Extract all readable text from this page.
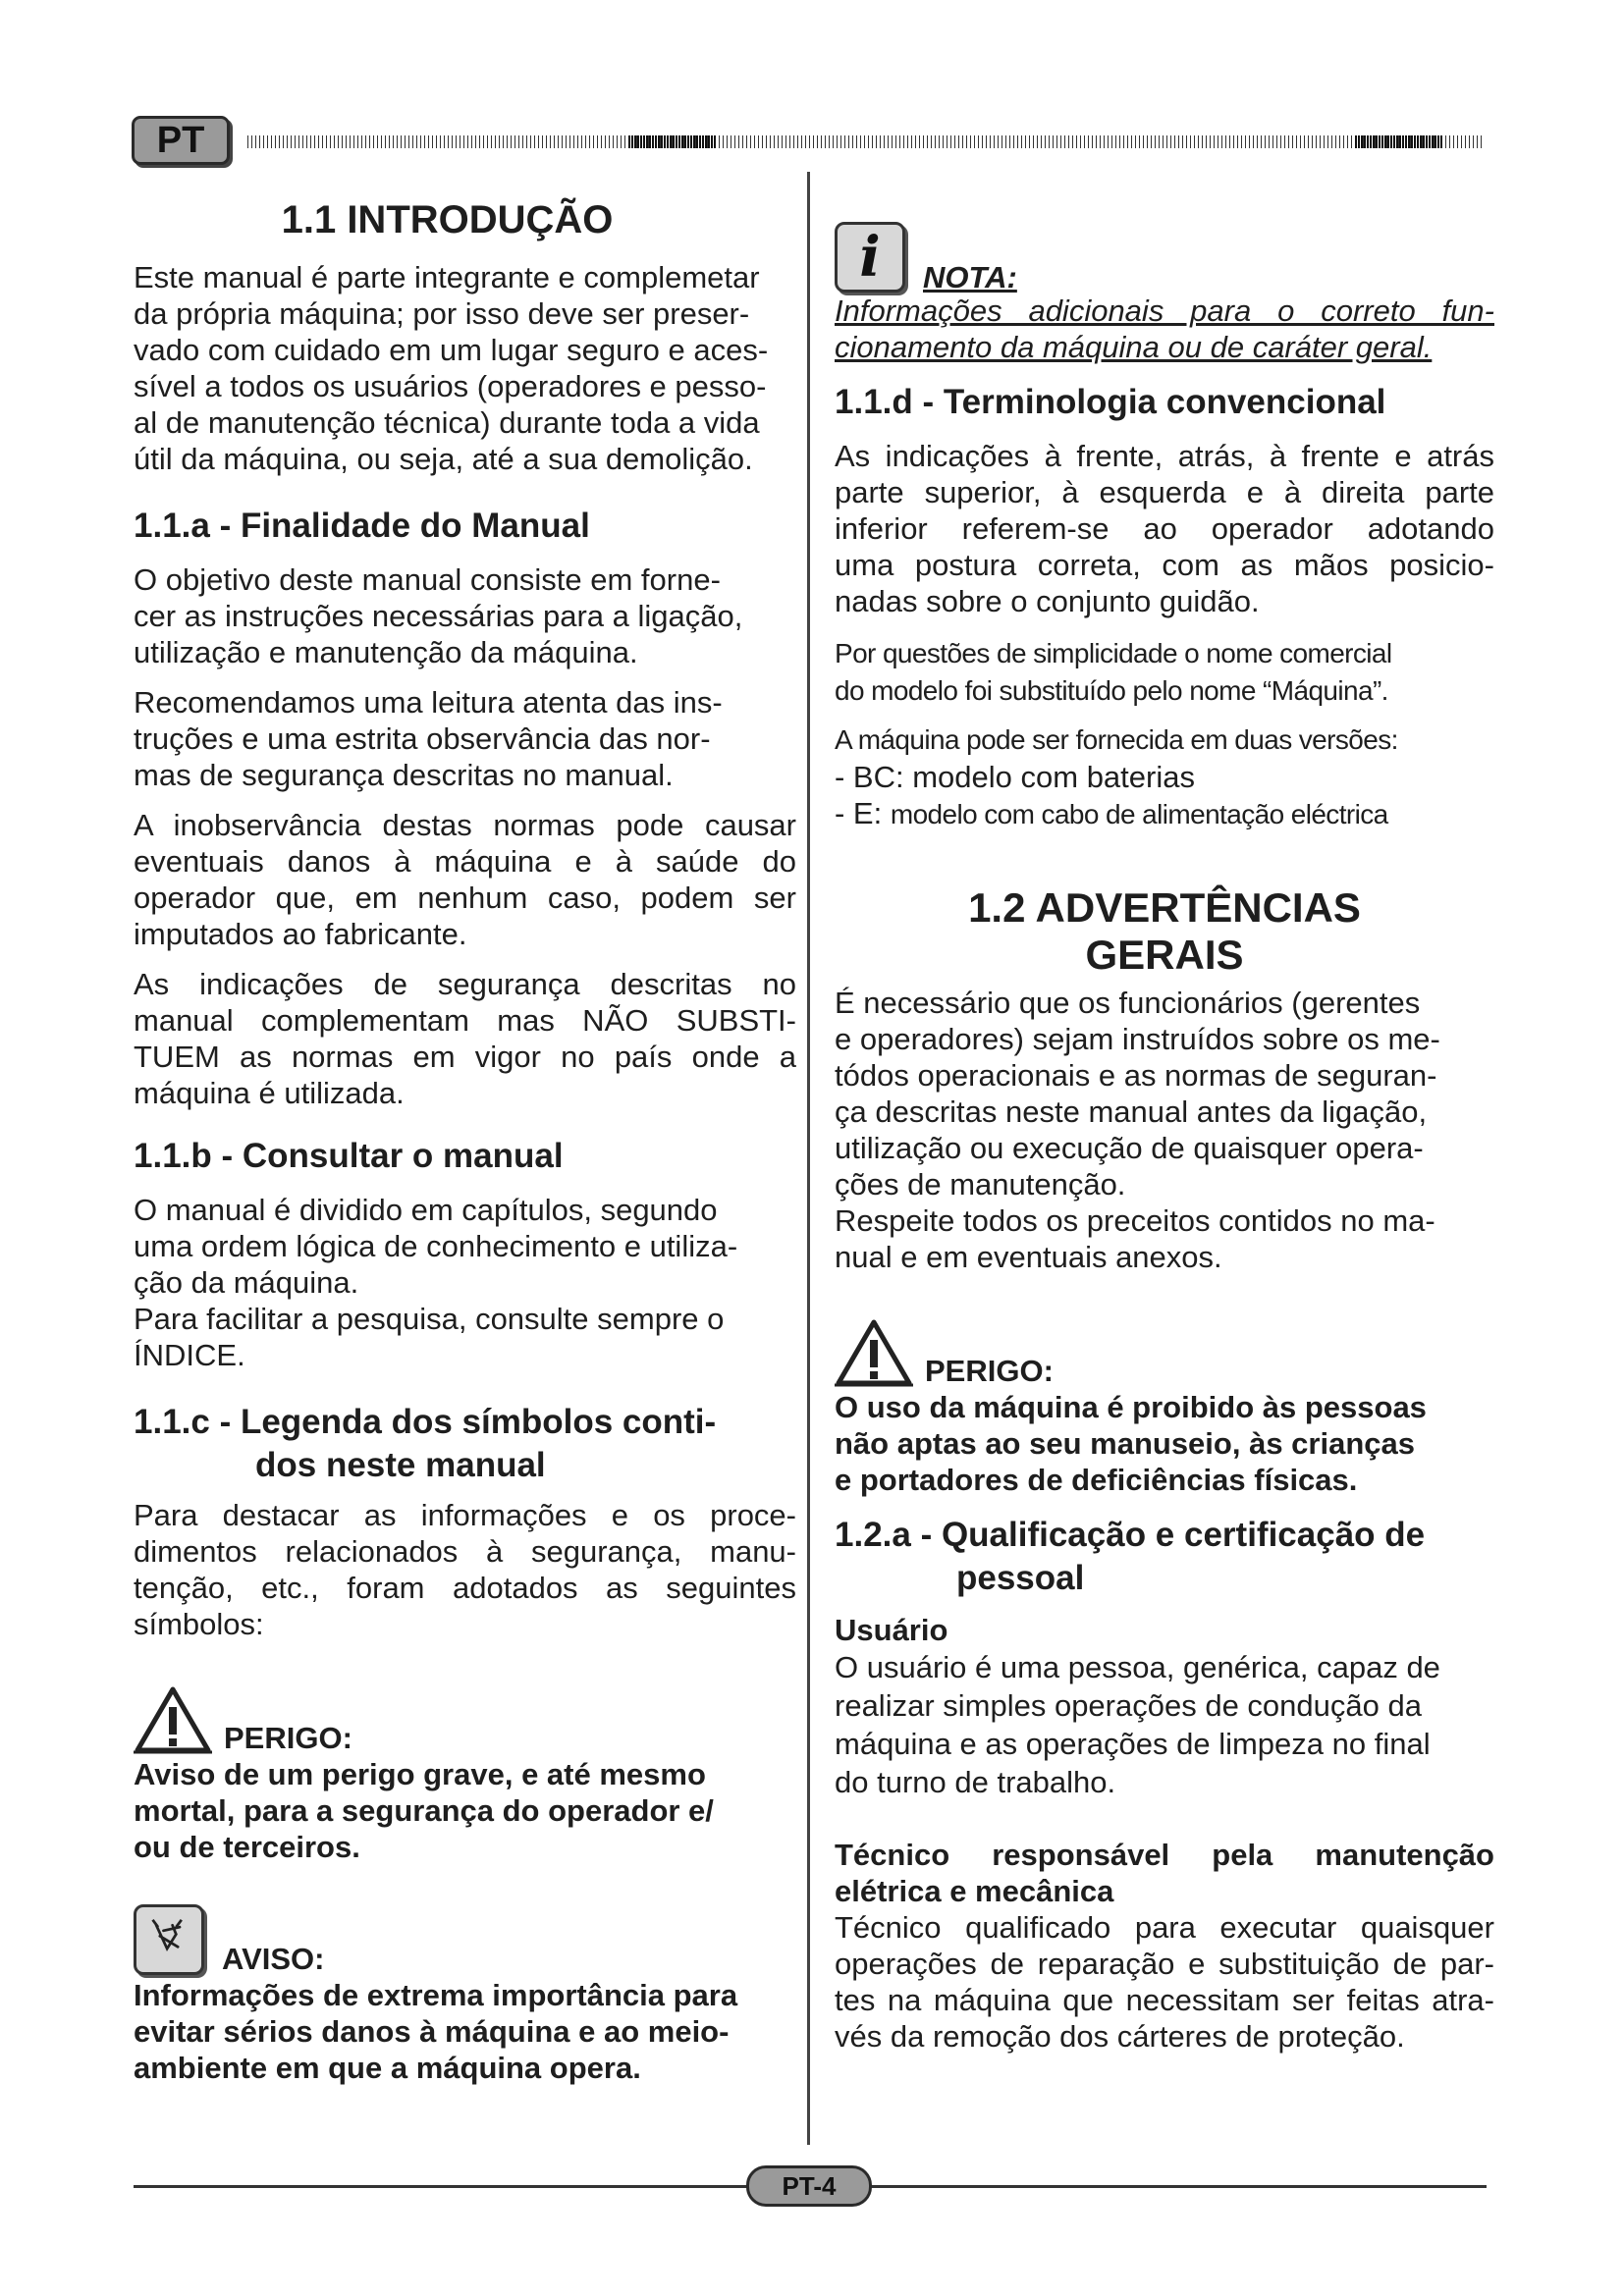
PT
1.1 INTRODUÇÃO
Este manual é parte integrante e complemetar
da própria máquina; por isso deve ser preser-
vado com cuidado em um lugar seguro e aces-
sível a todos os usuários (operadores e pesso-
al de manutenção técnica) durante toda a vida
útil da máquina, ou seja, até a sua demolição.
1.1.a - Finalidade do Manual
O objetivo deste manual consiste em forne-
cer as instruções necessárias para a ligação,
utilização e manutenção da máquina.
Recomendamos uma leitura atenta das ins-
truções e uma estrita observância das nor-
mas de segurança descritas no manual.
A inobservância destas normas pode causar
eventuais danos à máquina e à saúde do
operador que, em nenhum caso, podem ser
imputados ao fabricante.
As indicações de segurança descritas no
manual complementam mas NÃO SUBSTI-
TUEM as normas em vigor no país onde a
máquina é utilizada.
1.1.b - Consultar o manual
O manual é dividido em capítulos, segundo
uma ordem lógica de conhecimento e utiliza-
ção da máquina.
Para facilitar a pesquisa, consulte sempre o
ÍNDICE.
1.1.c - Legenda dos símbolos conti-
dos neste manual
Para destacar as informações e os proce-
dimentos relacionados à segurança, manu-
tenção, etc., foram adotados as seguintes
símbolos:
PERIGO:
Aviso de um perigo grave, e até mesmo
mortal, para a segurança do operador e/
ou de terceiros.
AVISO:
Informações de extrema importância para
evitar sérios danos à máquina e ao meio-
ambiente em que a máquina opera.
i	NOTA:
Informações adicionais para o correto fun-
cionamento da máquina ou de caráter geral.
1.1.d - Terminologia convencional
As indicações à frente, atrás, à frente e atrás
parte superior, à esquerda e à direita parte
inferior referem-se ao operador adotando
uma postura correta, com as mãos posicio-
nadas sobre o conjunto guidão.
Por questões de simplicidade o nome comercial
do modelo foi substituído pelo nome “Máquina”.
A máquina pode ser fornecida em duas versões:
- BC: modelo com baterias
- E: modelo com cabo de alimentação eléctrica
1.2 ADVERTÊNCIAS
GERAIS
É necessário que os funcionários (gerentes
e operadores) sejam instruídos sobre os me-
tódos operacionais e as normas de seguran-
ça descritas neste manual antes da ligação,
utilização ou execução de quaisquer opera-
ções de manutenção.
Respeite todos os preceitos contidos no ma-
nual e em eventuais anexos.
PERIGO:
O uso da máquina é proibido às pessoas
não aptas ao seu manuseio, às crianças
e portadores de deficiências físicas.
1.2.a - Qualificação e certificação de
pessoal
Usuário
O usuário é uma pessoa, genérica, capaz de
realizar simples operações de condução da
máquina e as operações de limpeza no final
do turno de trabalho.
Técnico responsável pela manutenção
elétrica e mecânica
Técnico qualificado para executar quaisquer
operações de reparação e substituição de par-
tes na máquina que necessitam ser feitas atra-
vés da remoção dos cárteres de proteção.
PT-4
